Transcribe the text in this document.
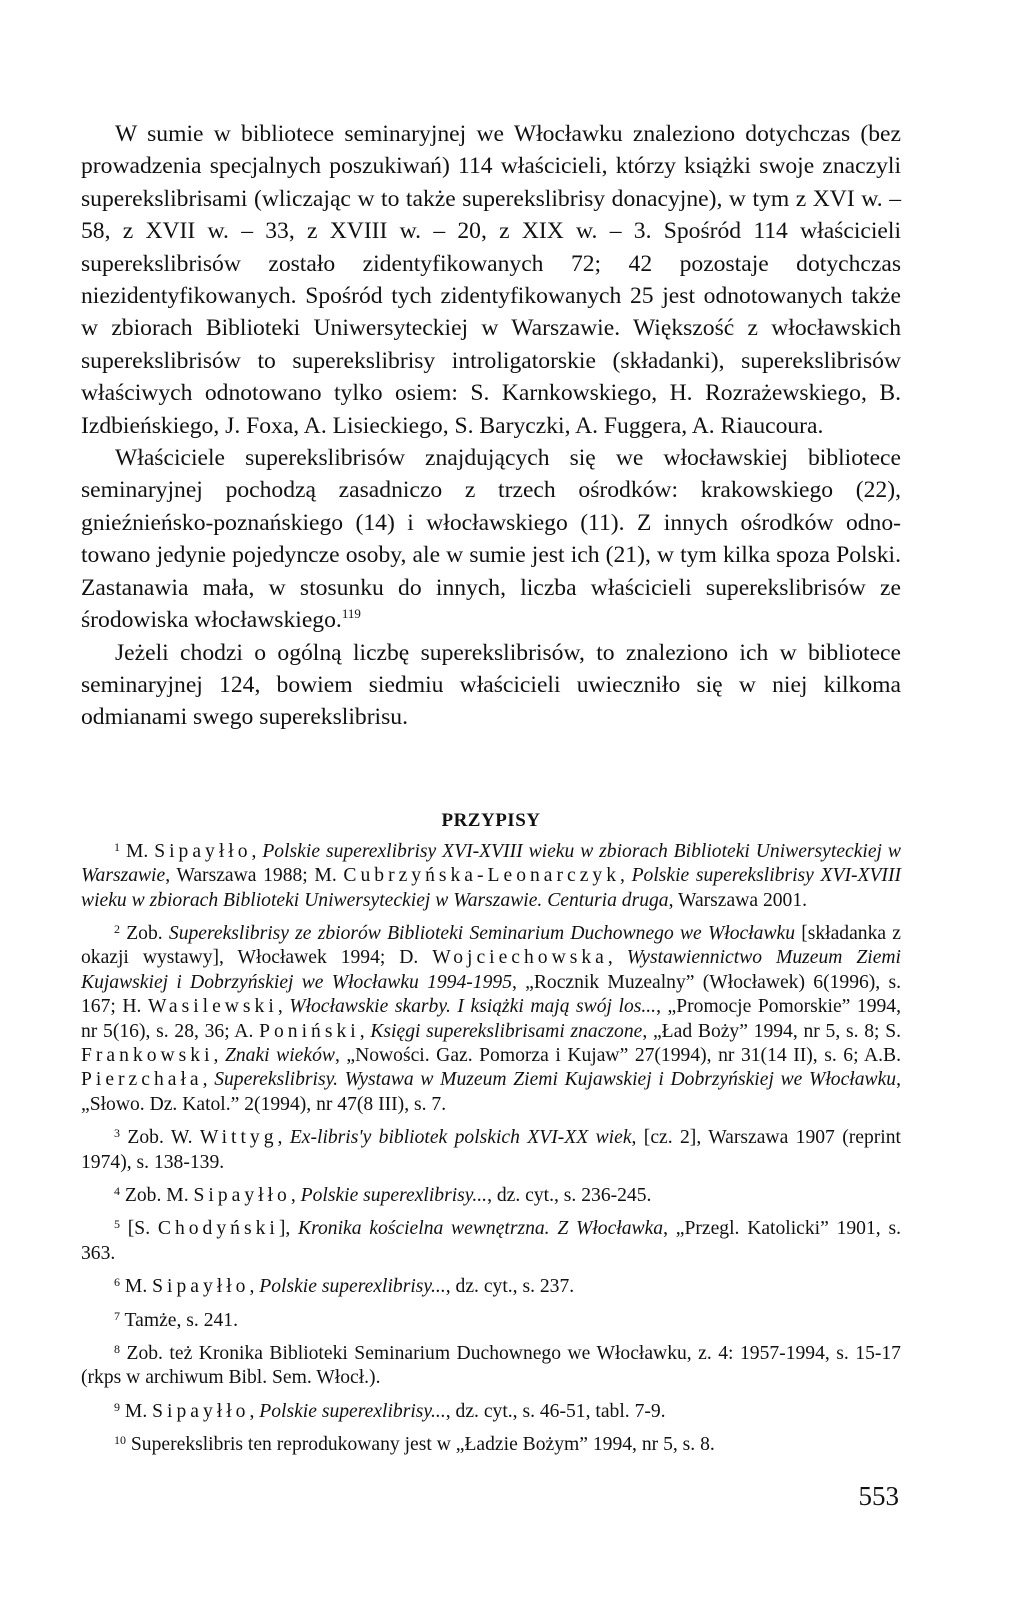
W sumie w bibliotece seminaryjnej we Włocławku znaleziono dotychczas (bez prowadzenia specjalnych poszukiwań) 114 właścicieli, którzy książki swoje znaczyli superekslibrisami (wliczając w to także superekslibrisy donacyjne), w tym z XVI w. – 58, z XVII w. – 33, z XVIII w. – 20, z XIX w. – 3. Spośród 114 właścicieli superekslibrisów zostało zidentyfikowanych 72; 42 pozostaje dotychczas niezidentyfikowanych. Spośród tych zidentyfikowanych 25 jest odnotowanych także w zbiorach Biblioteki Uniwersyteckiej w Warszawie. Większość z włocławskich superekslibrisów to superekslibrisy introligatorskie (składanki), superekslibrisów właściwych odnotowano tylko osiem: S. Karnkowskiego, H. Rozrażewskiego, B. Izdbieńskiego, J. Foxa, A. Lisieckiego, S. Baryczki, A. Fuggera, A. Riaucoura.

Właściciele superekslibrisów znajdujących się we włocławskiej bibliotece seminaryjnej pochodzą zasadniczo z trzech ośrodków: krakowskiego (22), gnieźnieńsko-poznańskiego (14) i włocławskiego (11). Z innych ośrodków odnotowano jedynie pojedyncze osoby, ale w sumie jest ich (21), w tym kilka spoza Polski. Zastanawia mała, w stosunku do innych, liczba właścicieli superekslibrisów ze środowiska włocławskiego.$^{119}$

Jeżeli chodzi o ogólną liczbę superekslibrisów, to znaleziono ich w bibliotece seminaryjnej 124, bowiem siedmiu właścicieli uwieczniło się w niej kilkoma odmianami swego superekslibrisu.

PRZYPISY

$^1$ M. Sipayłło, Polskie superexlibrisy XVI-XVIII wieku w zbiorach Biblioteki Uniwersyteckiej w Warszawie, Warszawa 1988; M. Cubrzyńska-Leonarczyk, Polskie superekslibrisy XVI-XVIII wieku w zbiorach Biblioteki Uniwersyteckiej w Warszawie. Centuria druga, Warszawa 2001.

$^2$ Zob. Superekslibrisy ze zbiorów Biblioteki Seminarium Duchownego we Włocławku [składanka z okazji wystawy], Włocławek 1994; D. Wojciechowska, Wystawiennictwo Muzeum Ziemi Kujawskiej i Dobrzyńskiej we Włocławku 1994-1995, „Rocznik Muzealny” (Włocławek) 6(1996), s. 167; H. Wasilewski, Włocławskie skarby. I książki mają swój los..., „Promocje Pomorskie” 1994, nr 5(16), s. 28, 36; A. Poniński, Księgi superekslibrisami znaczone, „Ład Boży” 1994, nr 5, s. 8; S. Frankowski, Znaki wieków, „Nowości. Gaz. Pomorza i Kujaw” 27(1994), nr 31(14 II), s. 6; A.B. Pierzchała, Superekslibrisy. Wystawa w Muzeum Ziemi Kujawskiej i Dobrzyńskiej we Włocławku, „Słowo. Dz. Katol.” 2(1994), nr 47(8 III), s. 7.

$^3$ Zob. W. Wittyg, Ex-libris'y bibliotek polskich XVI-XX wiek, [cz. 2], Warszawa 1907 (reprint 1974), s. 138-139.

$^4$ Zob. M. Sipayłło, Polskie superexlibrisy..., dz. cyt., s. 236-245.

$^5$ [S. Chodyński], Kronika kościelna wewnętrzna. Z Włocławka, „Przegl. Katolicki” 1901, s. 363.

$^6$ M. Sipayłło, Polskie superexlibrisy..., dz. cyt., s. 237.

$^7$ Tamże, s. 241.

$^8$ Zob. też Kronika Biblioteki Seminarium Duchownego we Włocławku, z. 4: 1957-1994, s. 15-17 (rkps w archiwum Bibl. Sem. Włocł.).

$^9$ M. Sipayłło, Polskie superexlibrisy..., dz. cyt., s. 46-51, tabl. 7-9.

$^{10}$ Superekslibris ten reprodukowany jest w „Ładzie Bożym” 1994, nr 5, s. 8.

553
